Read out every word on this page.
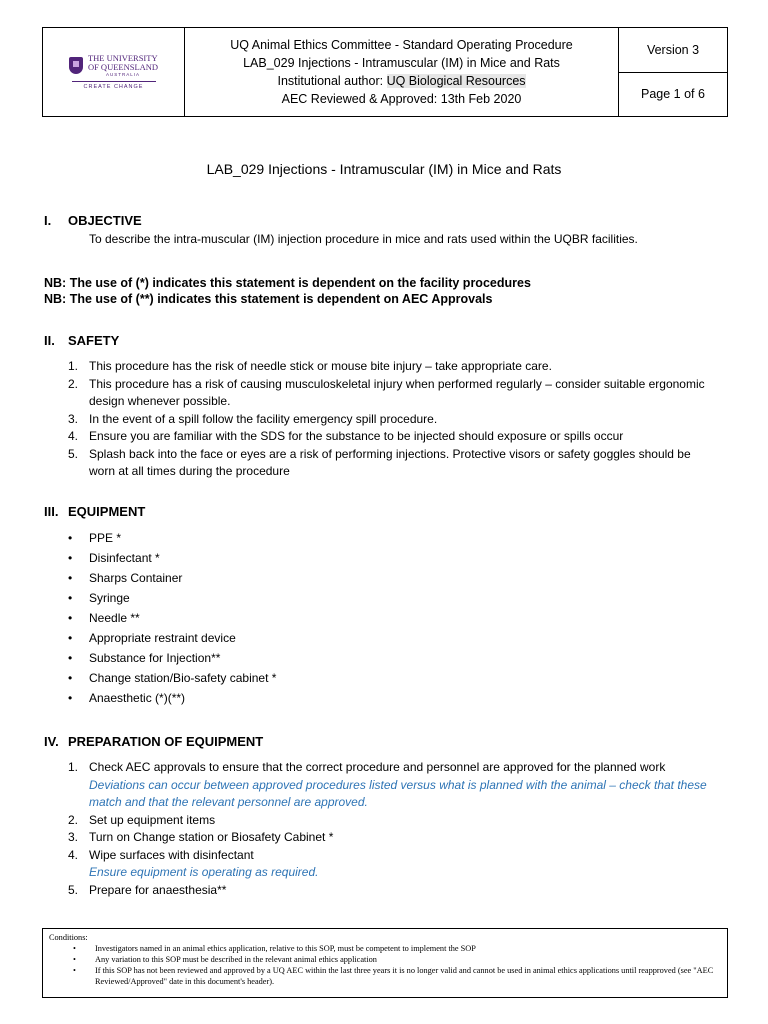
THE UNIVERSITY
OF QUEENSLAND
AUSTRALIA
CREATE CHANGE
UQ Animal Ethics Committee - Standard Operating Procedure
LAB_029 Injections - Intramuscular (IM) in Mice and Rats
Institutional author: UQ Biological Resources
AEC Reviewed & Approved: 13th Feb 2020
Version 3
Page 1 of 6
LAB_029 Injections - Intramuscular (IM) in Mice and Rats
I. OBJECTIVE
To describe the intra-muscular (IM) injection procedure in mice and rats used within the UQBR facilities.
NB: The use of (*) indicates this statement is dependent on the facility procedures
NB: The use of (**) indicates this statement is dependent on AEC Approvals
II. SAFETY
1. This procedure has the risk of needle stick or mouse bite injury – take appropriate care.
2. This procedure has a risk of causing musculoskeletal injury when performed regularly – consider suitable ergonomic design whenever possible.
3. In the event of a spill follow the facility emergency spill procedure.
4. Ensure you are familiar with the SDS for the substance to be injected should exposure or spills occur
5. Splash back into the face or eyes are a risk of performing injections. Protective visors or safety goggles should be worn at all times during the procedure
III. EQUIPMENT
• PPE *
• Disinfectant *
• Sharps Container
• Syringe
• Needle **
• Appropriate restraint device
• Substance for Injection**
• Change station/Bio-safety cabinet *
• Anaesthetic (*)(**)
IV. PREPARATION OF EQUIPMENT
1. Check AEC approvals to ensure that the correct procedure and personnel are approved for the planned work
Deviations can occur between approved procedures listed versus what is planned with the animal – check that these match and that the relevant personnel are approved.
2. Set up equipment items
3. Turn on Change station or Biosafety Cabinet *
4. Wipe surfaces with disinfectant
Ensure equipment is operating as required.
5. Prepare for anaesthesia**
Conditions:
• Investigators named in an animal ethics application, relative to this SOP, must be competent to implement the SOP
• Any variation to this SOP must be described in the relevant animal ethics application
• If this SOP has not been reviewed and approved by a UQ AEC within the last three years it is no longer valid and cannot be used in animal ethics applications until reapproved (see "AEC Reviewed/Approved" date in this document's header).
